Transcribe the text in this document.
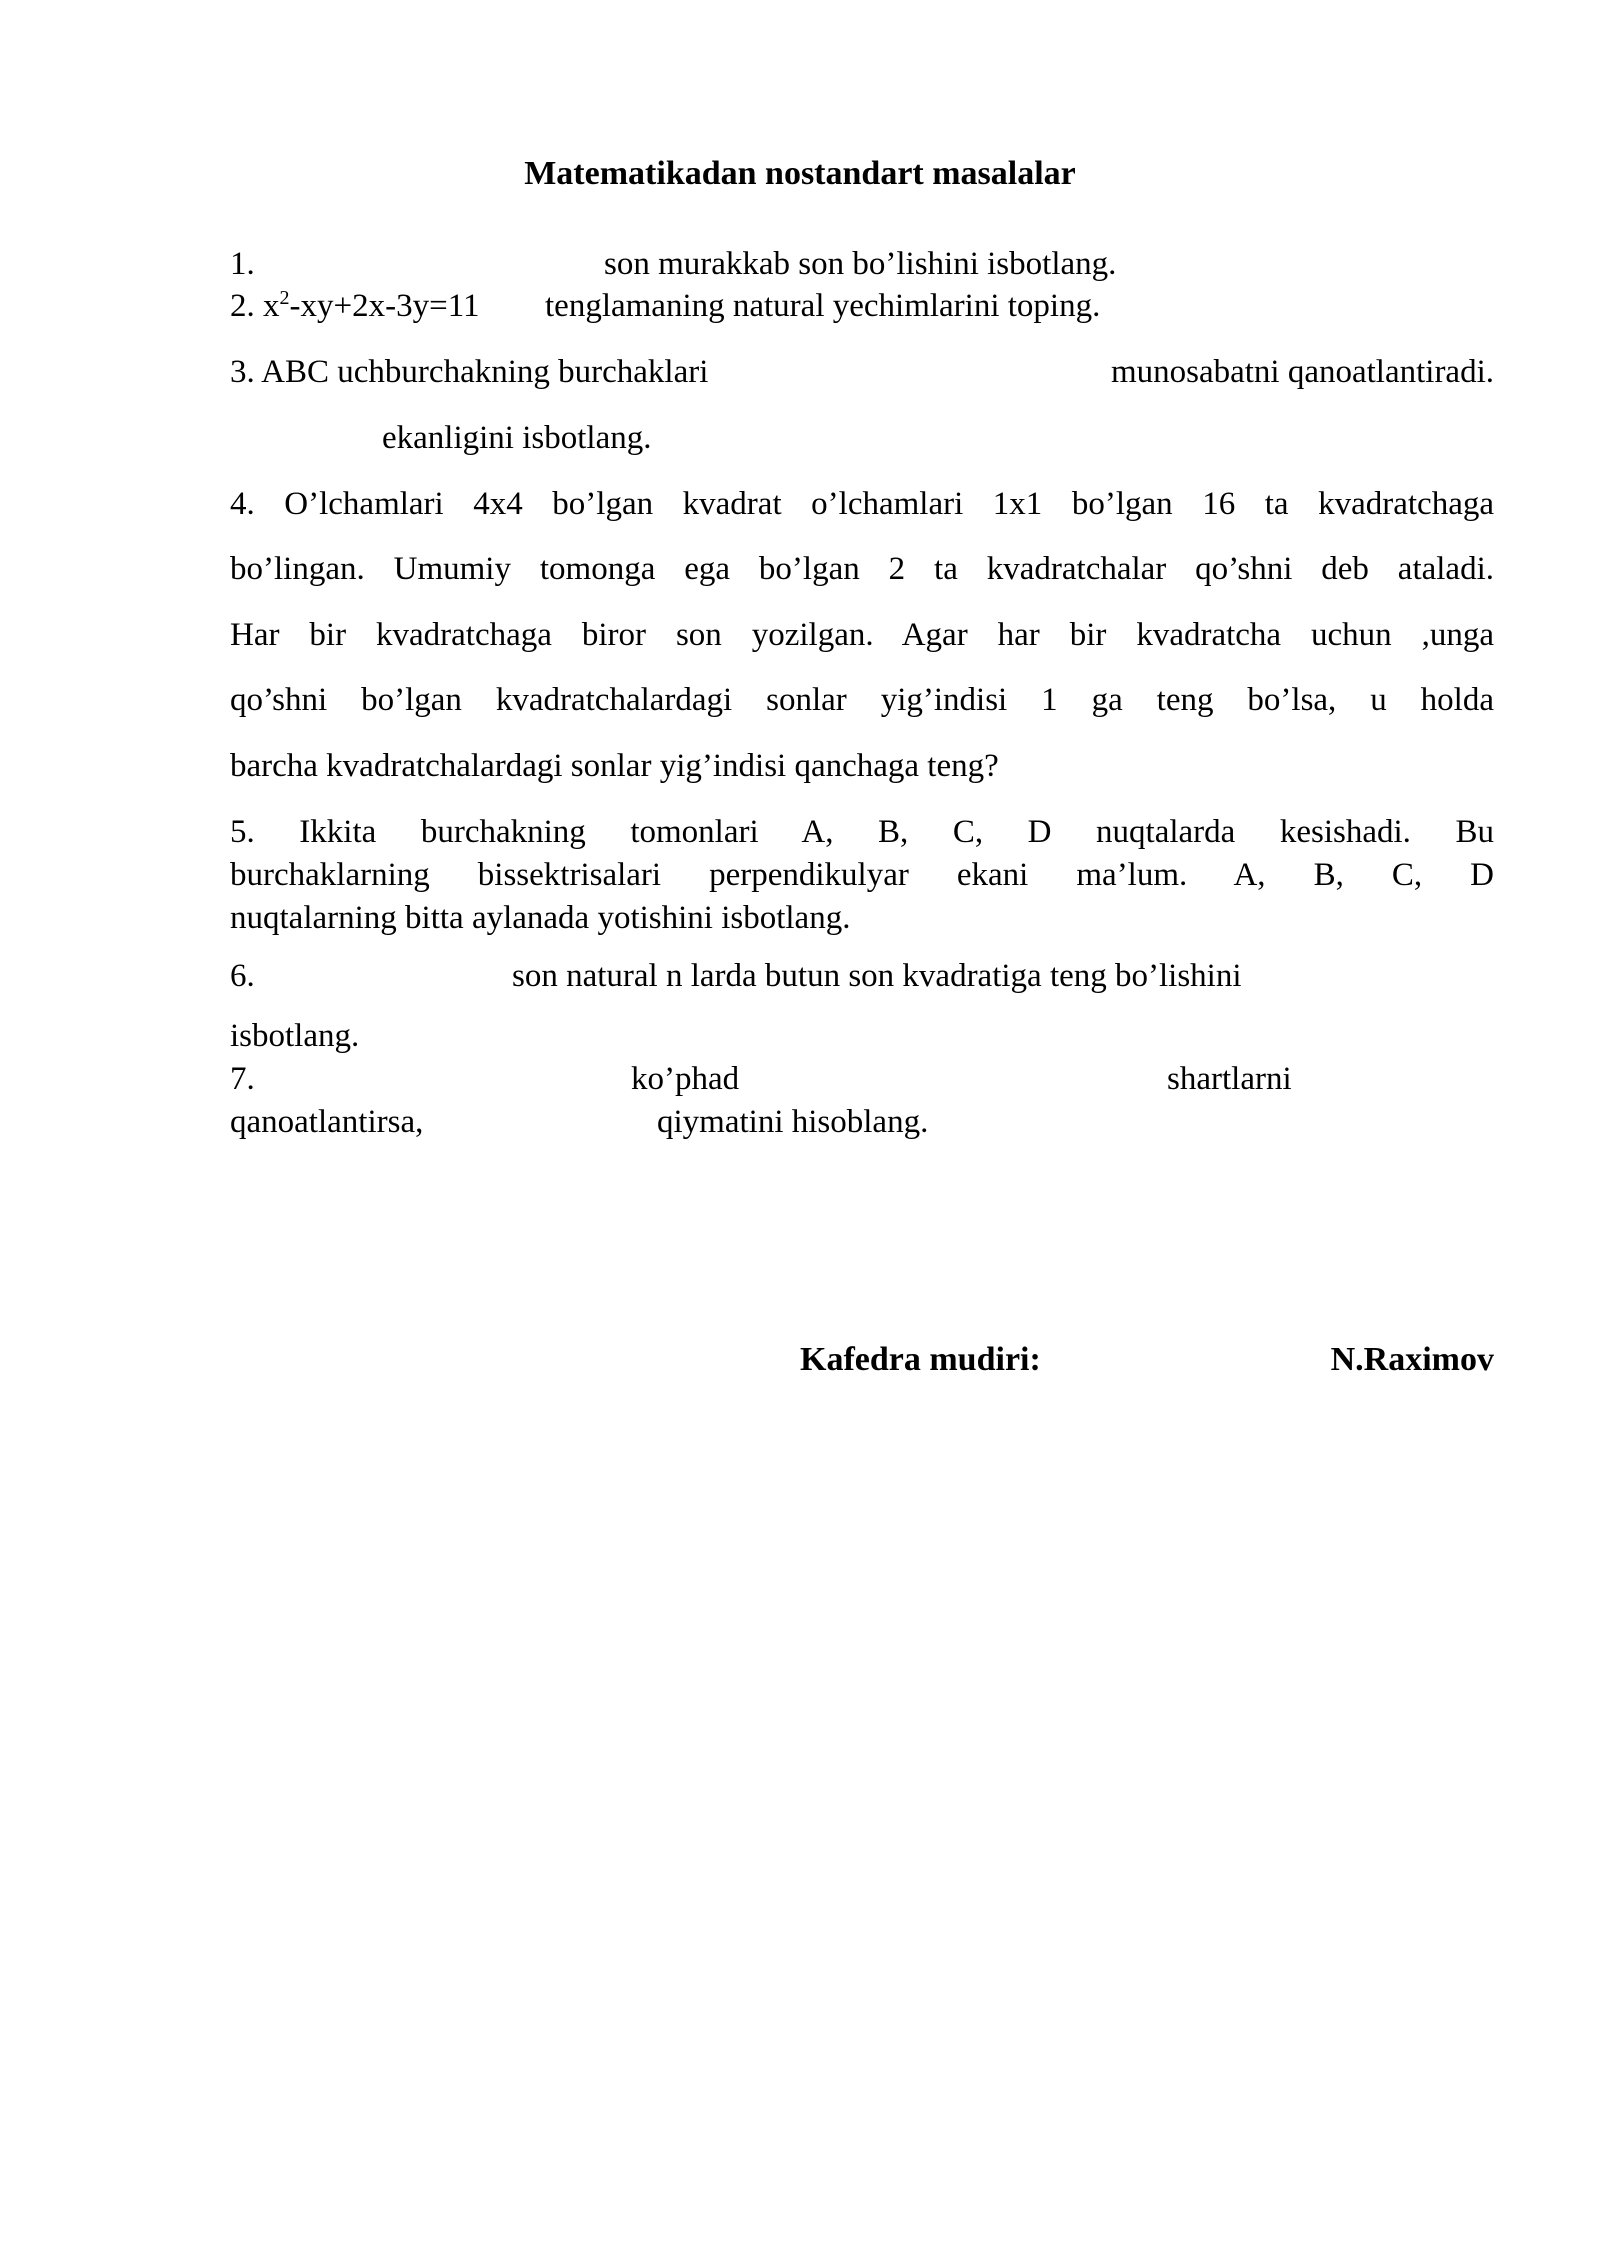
Matematikadan nostandart masalalar
1.	son murakkab son bo’lishini isbotlang.
2. $x^2-xy+2x-3y=11$ tenglamaning natural yechimlarini toping.
3. ABC uchburchakning burchaklari	munosabatni qanoatlantiradi.
ekanligini isbotlang.
4. O’lchamlari 4x4 bo’lgan kvadrat o’lchamlari 1x1 bo’lgan 16 ta kvadratchaga
bo’lingan. Umumiy tomonga ega bo’lgan 2 ta kvadratchalar qo’shni deb ataladi.
Har bir kvadratchaga biror son yozilgan. Agar har bir kvadratcha uchun ,unga
qo’shni bo’lgan kvadratchalardagi sonlar yig’indisi 1 ga teng bo’lsa, u holda
barcha kvadratchalardagi sonlar yig’indisi qanchaga teng?
5. Ikkita burchakning tomonlari A, B, C, D nuqtalarda kesishadi. Bu
burchaklarning bissektrisalari perpendikulyar ekani ma’lum. A, B, C, D
nuqtalarning bitta aylanada yotishini isbotlang.
6.	son natural n larda butun son kvadratiga teng bo’lishini
isbotlang.
7.	ko’phad	shartlarni
qanoatlantirsa,	qiymatini hisoblang.
Kafedra mudiri:	N.Raximov
